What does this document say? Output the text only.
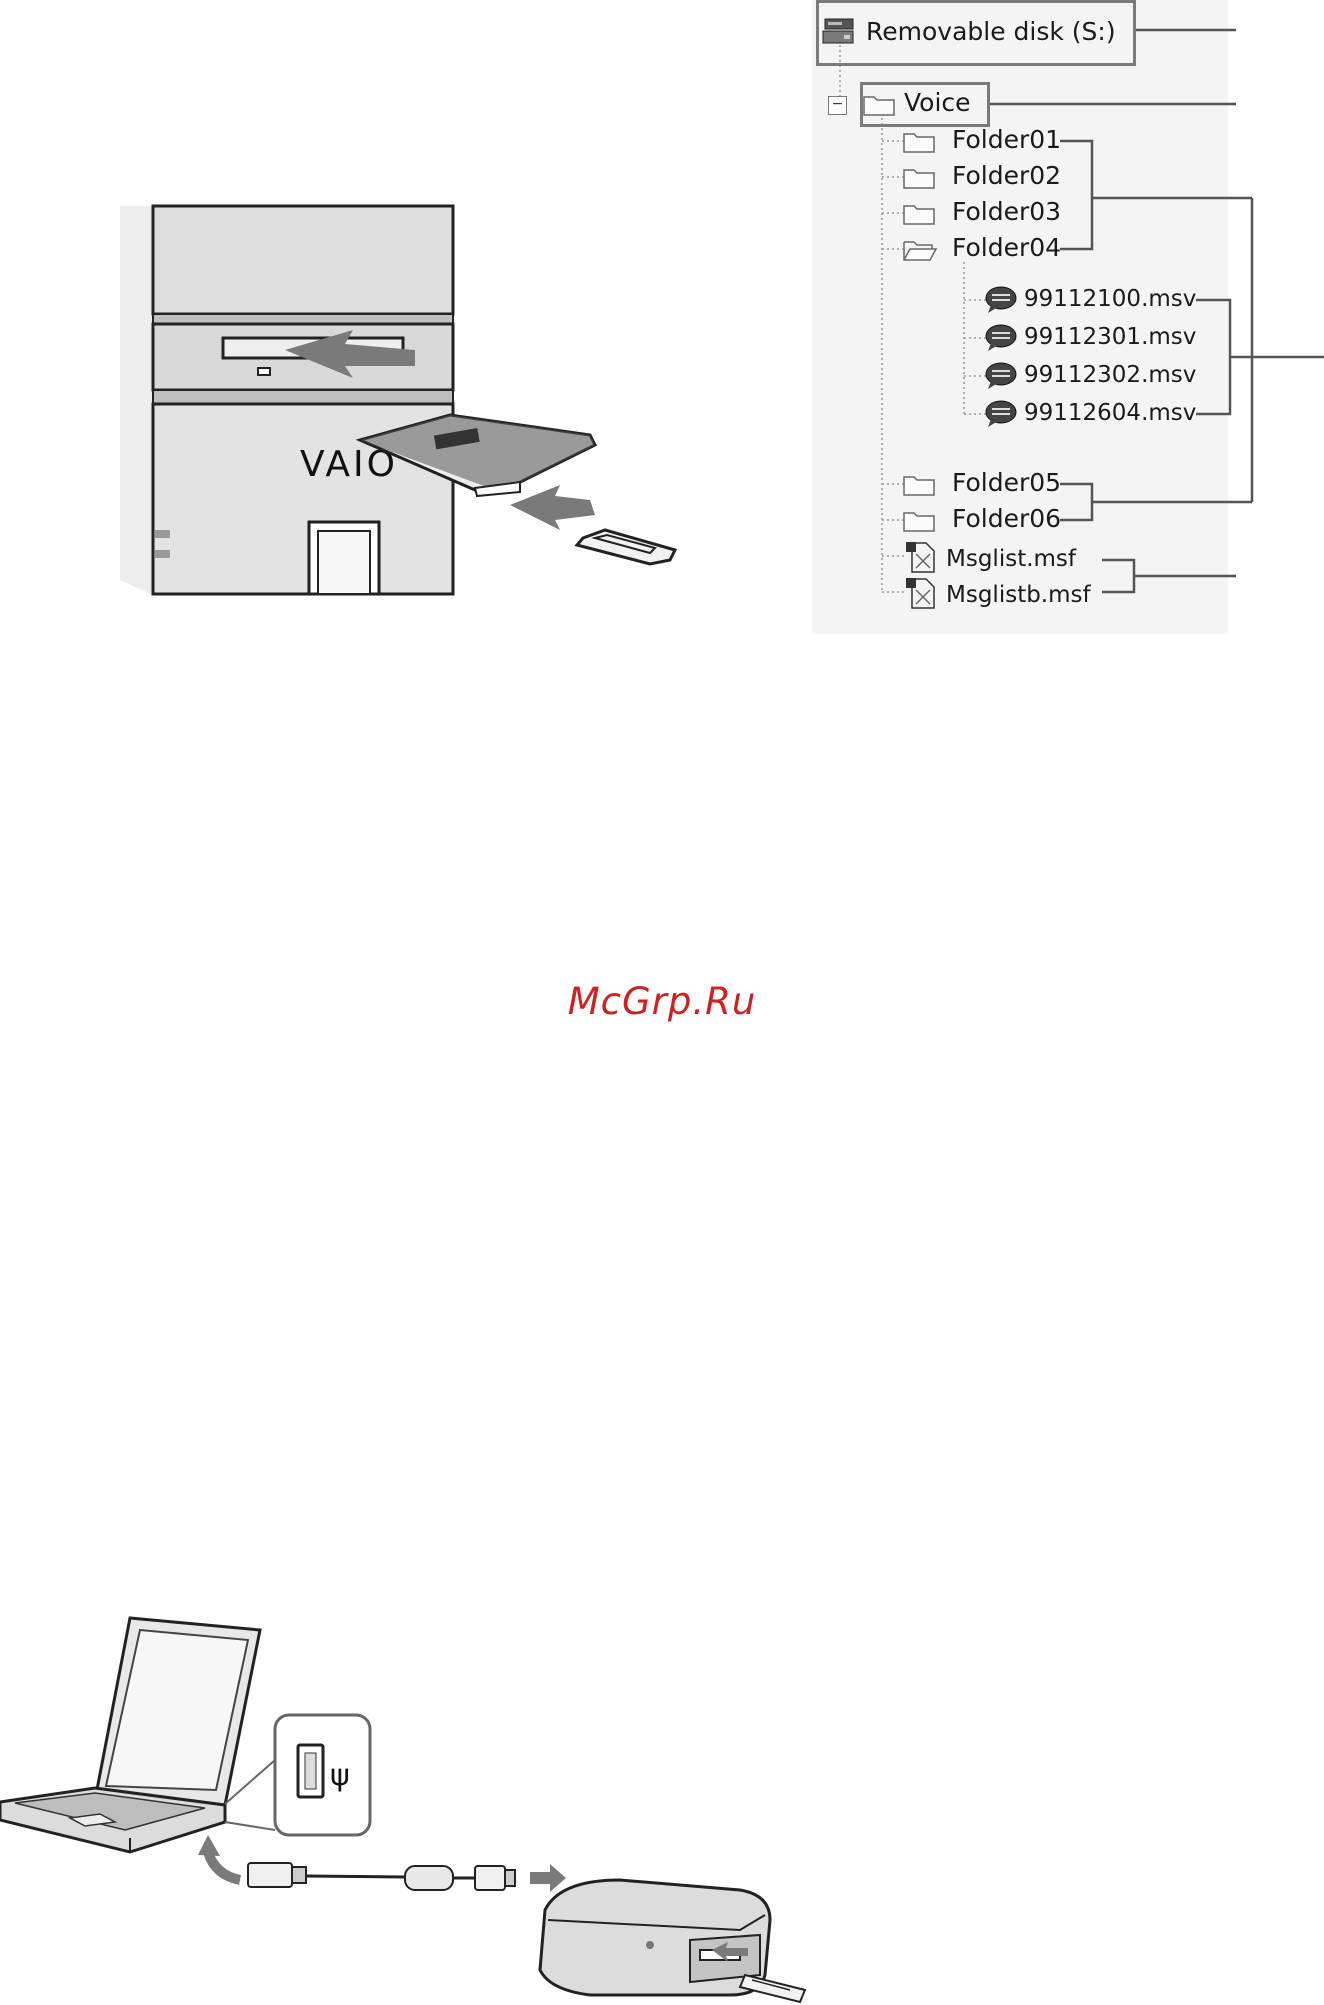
VAIO
Removable disk (S:)
− Voice
Folder01
Folder02
Folder03
Folder04
99112100.msv
99112301.msv
99112302.msv
99112604.msv
Folder05
Folder06
Msglist.msf
Msglistb.msf
McGrp.Ru
ψ
